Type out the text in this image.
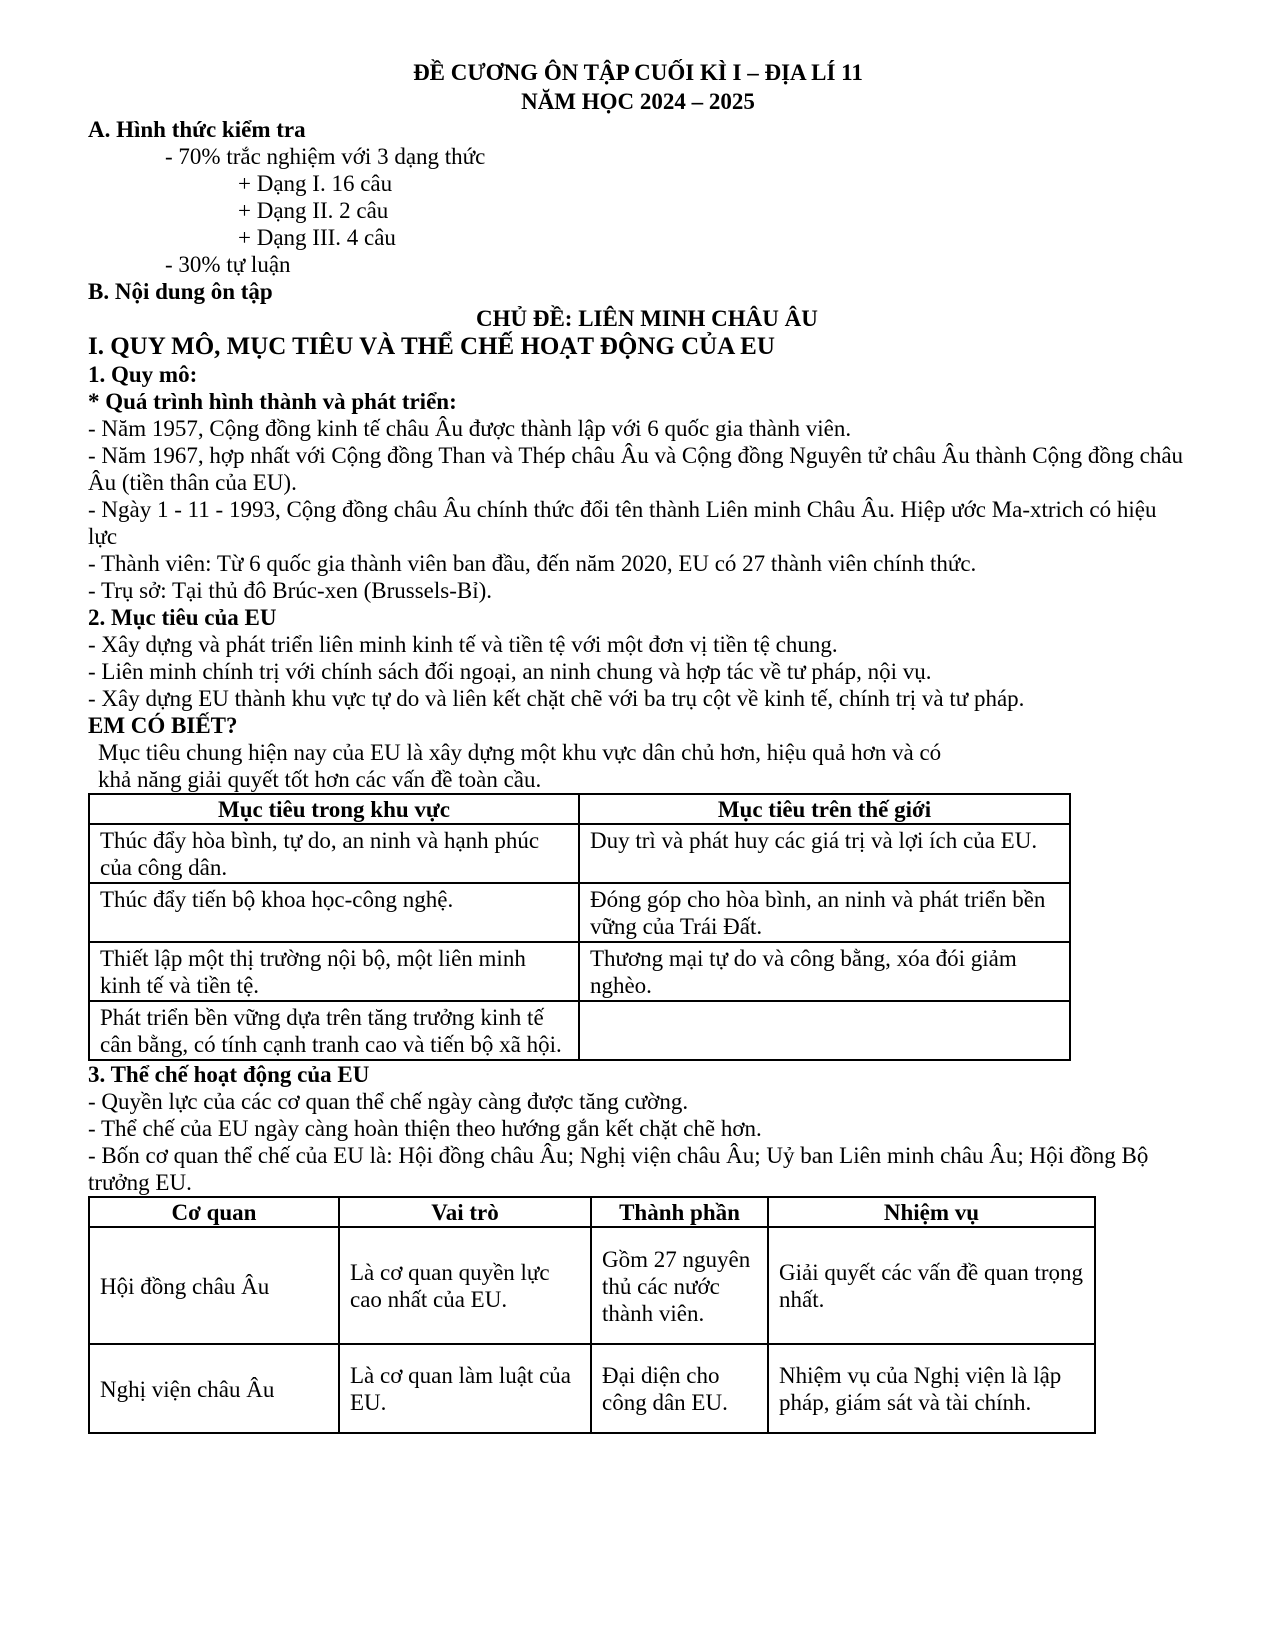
ĐỀ CƯƠNG ÔN TẬP CUỐI KÌ I – ĐỊA LÍ 11
NĂM HỌC 2024 – 2025
A. Hình thức kiểm tra
- 70% trắc nghiệm với 3 dạng thức
+ Dạng I. 16 câu
+ Dạng II. 2 câu
+ Dạng III. 4 câu
- 30% tự luận
B. Nội dung ôn tập
CHỦ ĐỀ: LIÊN MINH CHÂU ÂU
I. QUY MÔ, MỤC TIÊU VÀ THỂ CHẾ HOẠT ĐỘNG CỦA EU
1. Quy mô:
* Quá trình hình thành và phát triển:
- Năm 1957, Cộng đồng kinh tế châu Âu được thành lập với 6 quốc gia thành viên.
- Năm 1967, hợp nhất với Cộng đồng Than và Thép châu Âu và Cộng đồng Nguyên tử châu Âu thành Cộng đồng châu Âu (tiền thân của EU).
- Ngày 1 - 11 - 1993, Cộng đồng châu Âu chính thức đổi tên thành Liên minh Châu Âu. Hiệp ước Ma-xtrich có hiệu lực
- Thành viên: Từ 6 quốc gia thành viên ban đầu, đến năm 2020, EU có 27 thành viên chính thức.
- Trụ sở: Tại thủ đô Brúc-xen (Brussels-Bỉ).
2. Mục tiêu của EU
- Xây dựng và phát triển liên minh kinh tế và tiền tệ với một đơn vị tiền tệ chung.
- Liên minh chính trị với chính sách đối ngoại, an ninh chung và hợp tác về tư pháp, nội vụ.
- Xây dựng EU thành khu vực tự do và liên kết chặt chẽ với ba trụ cột về kinh tế, chính trị và tư pháp.
EM CÓ BIẾT?
Mục tiêu chung hiện nay của EU là xây dựng một khu vực dân chủ hơn, hiệu quả hơn và có khả năng giải quyết tốt hơn các vấn đề toàn cầu.
Mục tiêu trong khu vực	Mục tiêu trên thế giới
Thúc đẩy hòa bình, tự do, an ninh và hạnh phúc của công dân.	Duy trì và phát huy các giá trị và lợi ích của EU.
Thúc đẩy tiến bộ khoa học-công nghệ.	Đóng góp cho hòa bình, an ninh và phát triển bền vững của Trái Đất.
Thiết lập một thị trường nội bộ, một liên minh kinh tế và tiền tệ.	Thương mại tự do và công bằng, xóa đói giảm nghèo.
Phát triển bền vững dựa trên tăng trưởng kinh tế cân bằng, có tính cạnh tranh cao và tiến bộ xã hội.	
3. Thể chế hoạt động của EU
- Quyền lực của các cơ quan thể chế ngày càng được tăng cường.
- Thể chế của EU ngày càng hoàn thiện theo hướng gắn kết chặt chẽ hơn.
- Bốn cơ quan thể chế của EU là: Hội đồng châu Âu; Nghị viện châu Âu; Uỷ ban Liên minh châu Âu; Hội đồng Bộ trưởng EU.
Cơ quan	Vai trò	Thành phần	Nhiệm vụ
Hội đồng châu Âu	Là cơ quan quyền lực cao nhất của EU.	Gồm 27 nguyên thủ các nước thành viên.	Giải quyết các vấn đề quan trọng nhất.
Nghị viện châu Âu	Là cơ quan làm luật của EU.	Đại diện cho công dân EU.	Nhiệm vụ của Nghị viện là lập pháp, giám sát và tài chính.
